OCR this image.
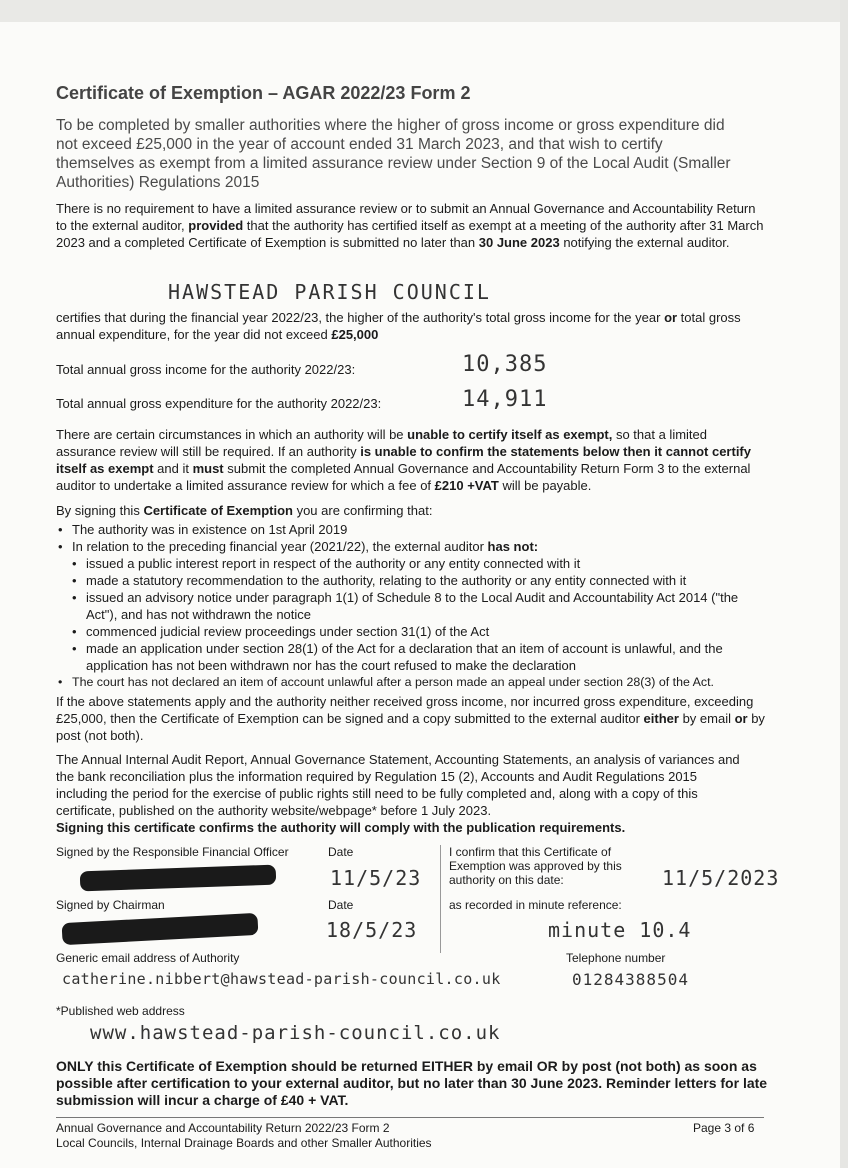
Certificate of Exemption – AGAR 2022/23 Form 2
To be completed by smaller authorities where the higher of gross income or gross expenditure did not exceed £25,000 in the year of account ended 31 March 2023, and that wish to certify themselves as exempt from a limited assurance review under Section 9 of the Local Audit (Smaller Authorities) Regulations 2015
There is no requirement to have a limited assurance review or to submit an Annual Governance and Accountability Return to the external auditor, provided that the authority has certified itself as exempt at a meeting of the authority after 31 March 2023 and a completed Certificate of Exemption is submitted no later than 30 June 2023 notifying the external auditor.
HAWSTEAD PARISH COUNCIL
certifies that during the financial year 2022/23, the higher of the authority's total gross income for the year or total gross annual expenditure, for the year did not exceed £25,000
Total annual gross income for the authority 2022/23:	10,385
Total annual gross expenditure for the authority 2022/23:	14,911
There are certain circumstances in which an authority will be unable to certify itself as exempt, so that a limited assurance review will still be required. If an authority is unable to confirm the statements below then it cannot certify itself as exempt and it must submit the completed Annual Governance and Accountability Return Form 3 to the external auditor to undertake a limited assurance review for which a fee of £210 +VAT will be payable.
By signing this Certificate of Exemption you are confirming that:
• The authority was in existence on 1st April 2019
• In relation to the preceding financial year (2021/22), the external auditor has not:
• issued a public interest report in respect of the authority or any entity connected with it
• made a statutory recommendation to the authority, relating to the authority or any entity connected with it
• issued an advisory notice under paragraph 1(1) of Schedule 8 to the Local Audit and Accountability Act 2014 ("the Act"), and has not withdrawn the notice
• commenced judicial review proceedings under section 31(1) of the Act
• made an application under section 28(1) of the Act for a declaration that an item of account is unlawful, and the application has not been withdrawn nor has the court refused to make the declaration
• The court has not declared an item of account unlawful after a person made an appeal under section 28(3) of the Act.
If the above statements apply and the authority neither received gross income, nor incurred gross expenditure, exceeding £25,000, then the Certificate of Exemption can be signed and a copy submitted to the external auditor either by email or by post (not both).
The Annual Internal Audit Report, Annual Governance Statement, Accounting Statements, an analysis of variances and the bank reconciliation plus the information required by Regulation 15 (2), Accounts and Audit Regulations 2015 including the period for the exercise of public rights still need to be fully completed and, along with a copy of this certificate, published on the authority website/webpage* before 1 July 2023.
Signing this certificate confirms the authority will comply with the publication requirements.
Signed by the Responsible Financial Officer	Date
11/5/23
I confirm that this Certificate of Exemption was approved by this authority on this date:	11/5/2023
Signed by Chairman	Date
18/5/23
as recorded in minute reference:
minute 10.4
Generic email address of Authority	Telephone number
catherine.nibbert@hawstead-parish-council.co.uk	01284388504
*Published web address
www.hawstead-parish-council.co.uk
ONLY this Certificate of Exemption should be returned EITHER by email OR by post (not both) as soon as possible after certification to your external auditor, but no later than 30 June 2023. Reminder letters for late submission will incur a charge of £40 + VAT.
Annual Governance and Accountability Return 2022/23 Form 2
Local Councils, Internal Drainage Boards and other Smaller Authorities
Page 3 of 6
